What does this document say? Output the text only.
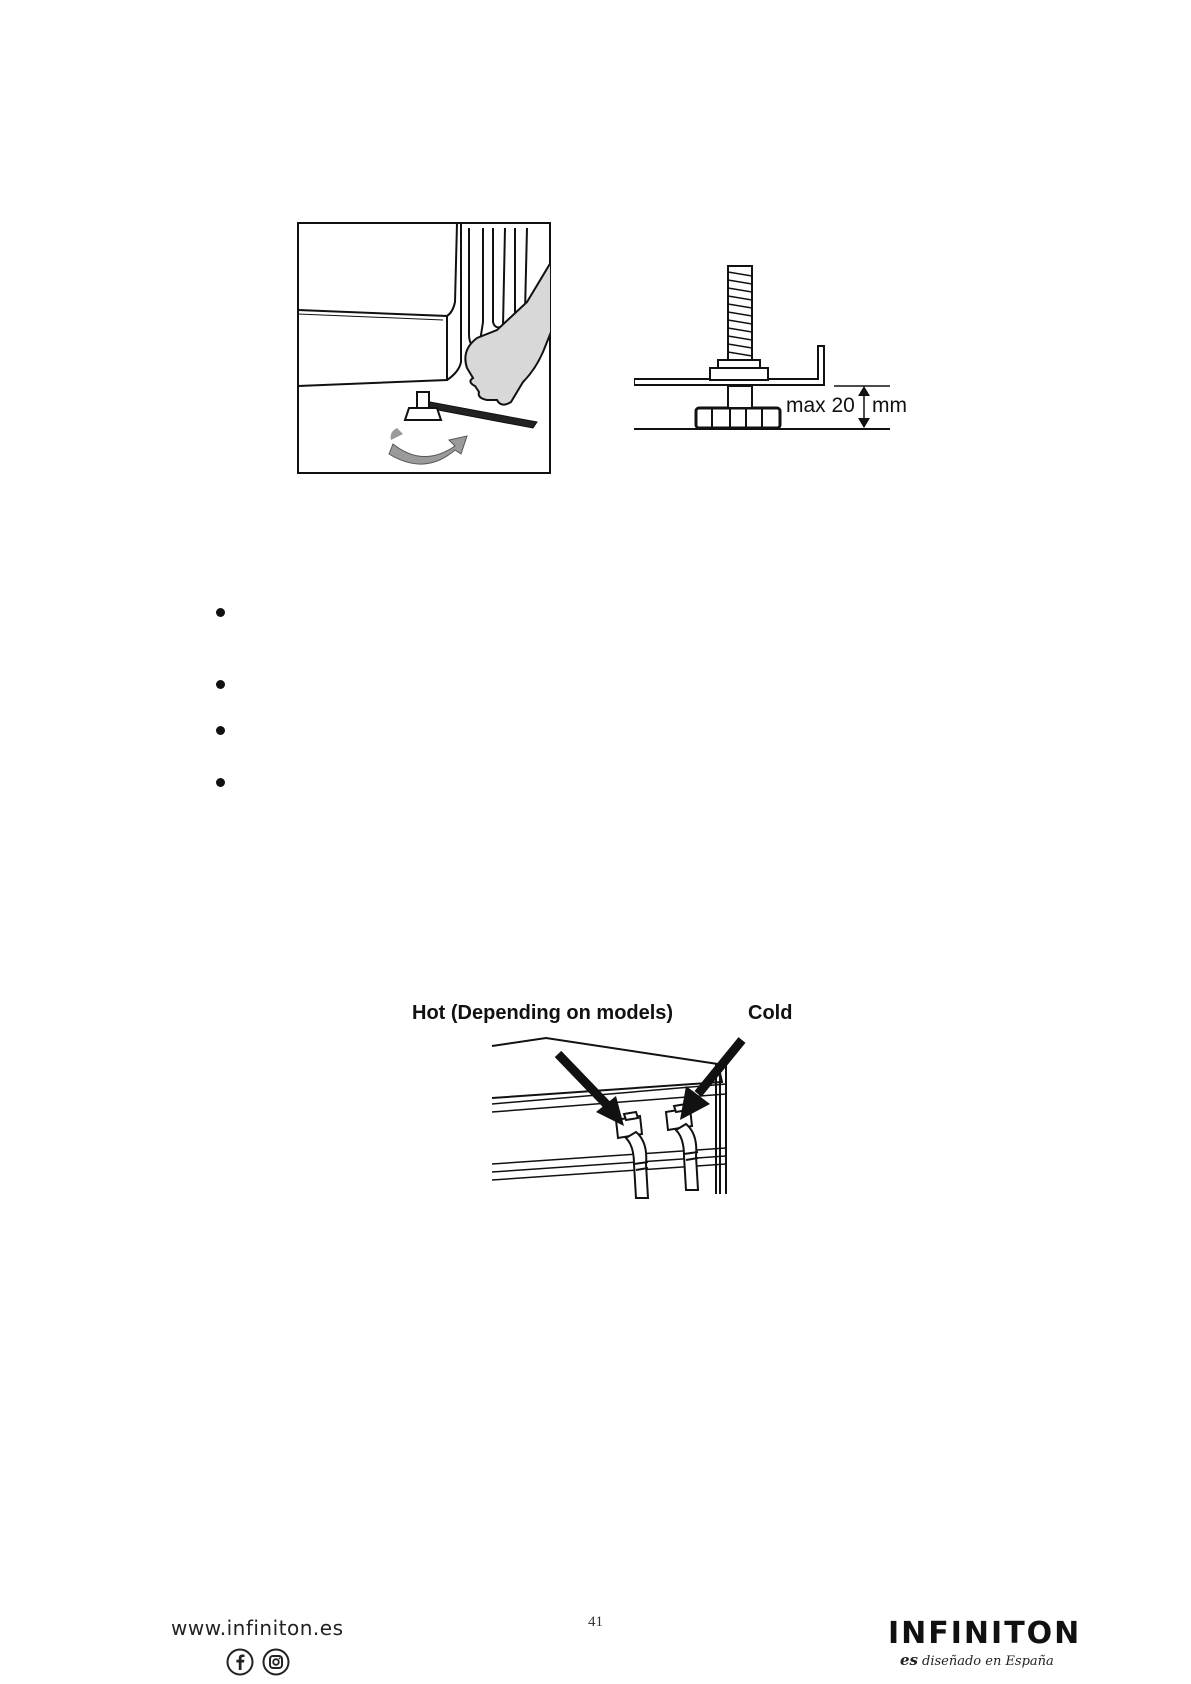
max 20 mm
Hot (Depending on models)	Cold
41
www.infiniton.es	INFINITON
es diseñado en España
